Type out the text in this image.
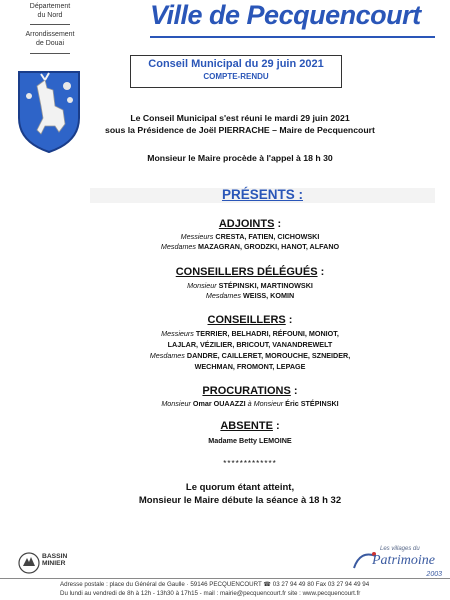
Département
du Nord
Arrondissement
de Douai
Ville de Pecquencourt
Conseil Municipal du 29 juin 2021
COMPTE-RENDU
Le Conseil Municipal s'est réuni le mardi 29 juin 2021
sous la Présidence de Joël PIERRACHE – Maire de Pecquencourt
Monsieur le Maire procède à l'appel à 18 h 30
PRÉSENTS :
ADJOINTS :
Messieurs CRESTA, FATIEN, CICHOWSKI
Mesdames MAZAGRAN, GRODZKI, HANOT, ALFANO
CONSEILLERS DÉLÉGUÉS :
Monsieur STÉPINSKI, MARTINOWSKI
Mesdames WEISS, KOMIN
CONSEILLERS :
Messieurs TERRIER, BELHADRI, RÉFOUNI, MONIOT,
LAJLAR, VÉZILIER, BRICOUT, VANANDREWELT
Mesdames DANDRE, CAILLERET, MOROUCHE, SZNEIDER,
WECHMAN, FROMONT, LEPAGE
PROCURATIONS :
Monsieur Omar OUAAZZI à Monsieur Éric STÉPINSKI
ABSENTE :
Madame Betty LEMOINE
*************
Le quorum étant atteint,
Monsieur le Maire débute la séance à 18 h 32
BASSIN
MINIER
Les villages du
Patrimoine
2003
Adresse postale : place du Général de Gaulle · 59146 PECQUENCOURT ☎ 03 27 94 49 80 Fax 03 27 94 49 94
Du lundi au vendredi de 8h à 12h - 13h30 à 17h15 - mail : mairie@pecquencourt.fr site : www.pecquencourt.fr
